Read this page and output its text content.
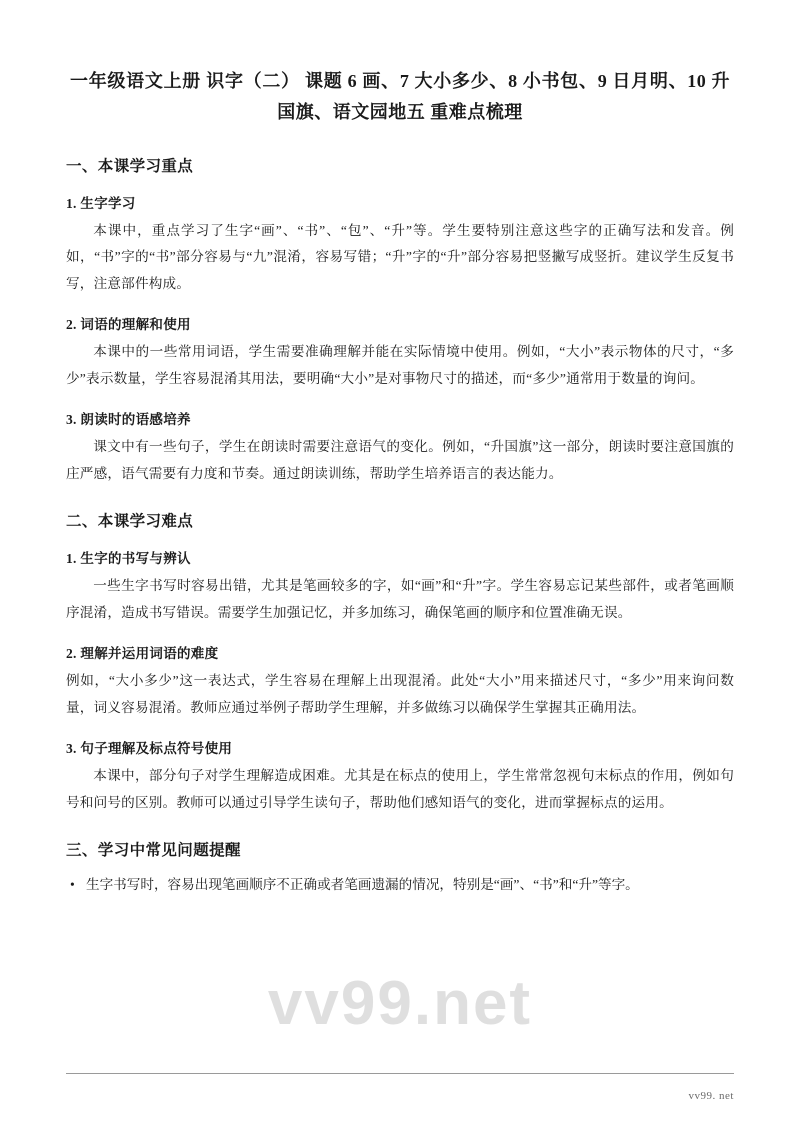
vv99.net
一年级语文上册 识字（二） 课题 6 画、7 大小多少、8 小书包、9 日月明、10 升国旗、语文园地五 重难点梳理
一、本课学习重点
1. 生字学习

本课中，重点学习了生字“画”、“书”、“包”、“升”等。学生要特别注意这些字的正确写法和发音。例如，“书”字的“书”部分容易与“九”混淆，容易写错；“升”字的“升”部分容易把竖撇写成竖折。建议学生反复书写，注意部件构成。

2. 词语的理解和使用

本课中的一些常用词语，学生需要准确理解并能在实际情境中使用。例如，“大小”表示物体的尺寸，“多少”表示数量，学生容易混淆其用法，要明确“大小”是对事物尺寸的描述，而“多少”通常用于数量的询问。

3. 朗读时的语感培养

课文中有一些句子，学生在朗读时需要注意语气的变化。例如，“升国旗”这一部分，朗读时要注意国旗的庄严感，语气需要有力度和节奏。通过朗读训练，帮助学生培养语言的表达能力。

二、本课学习难点
1. 生字的书写与辨认

一些生字书写时容易出错，尤其是笔画较多的字，如“画”和“升”字。学生容易忘记某些部件，或者笔画顺序混淆，造成书写错误。需要学生加强记忆，并多加练习，确保笔画的顺序和位置准确无误。

2. 理解并运用词语的难度

例如，“大小多少”这一表达式，学生容易在理解上出现混淆。此处“大小”用来描述尺寸，“多少”用来询问数量，词义容易混淆。教师应通过举例子帮助学生理解，并多做练习以确保学生掌握其正确用法。

3. 句子理解及标点符号使用

本课中，部分句子对学生理解造成困难。尤其是在标点的使用上，学生常常忽视句末标点的作用，例如句号和问号的区别。教师可以通过引导学生读句子，帮助他们感知语气的变化，进而掌握标点的运用。

三、学习中常见问题提醒
• 生字书写时，容易出现笔画顺序不正确或者笔画遗漏的情况，特别是“画”、“书”和“升”等字。
vv99. net
